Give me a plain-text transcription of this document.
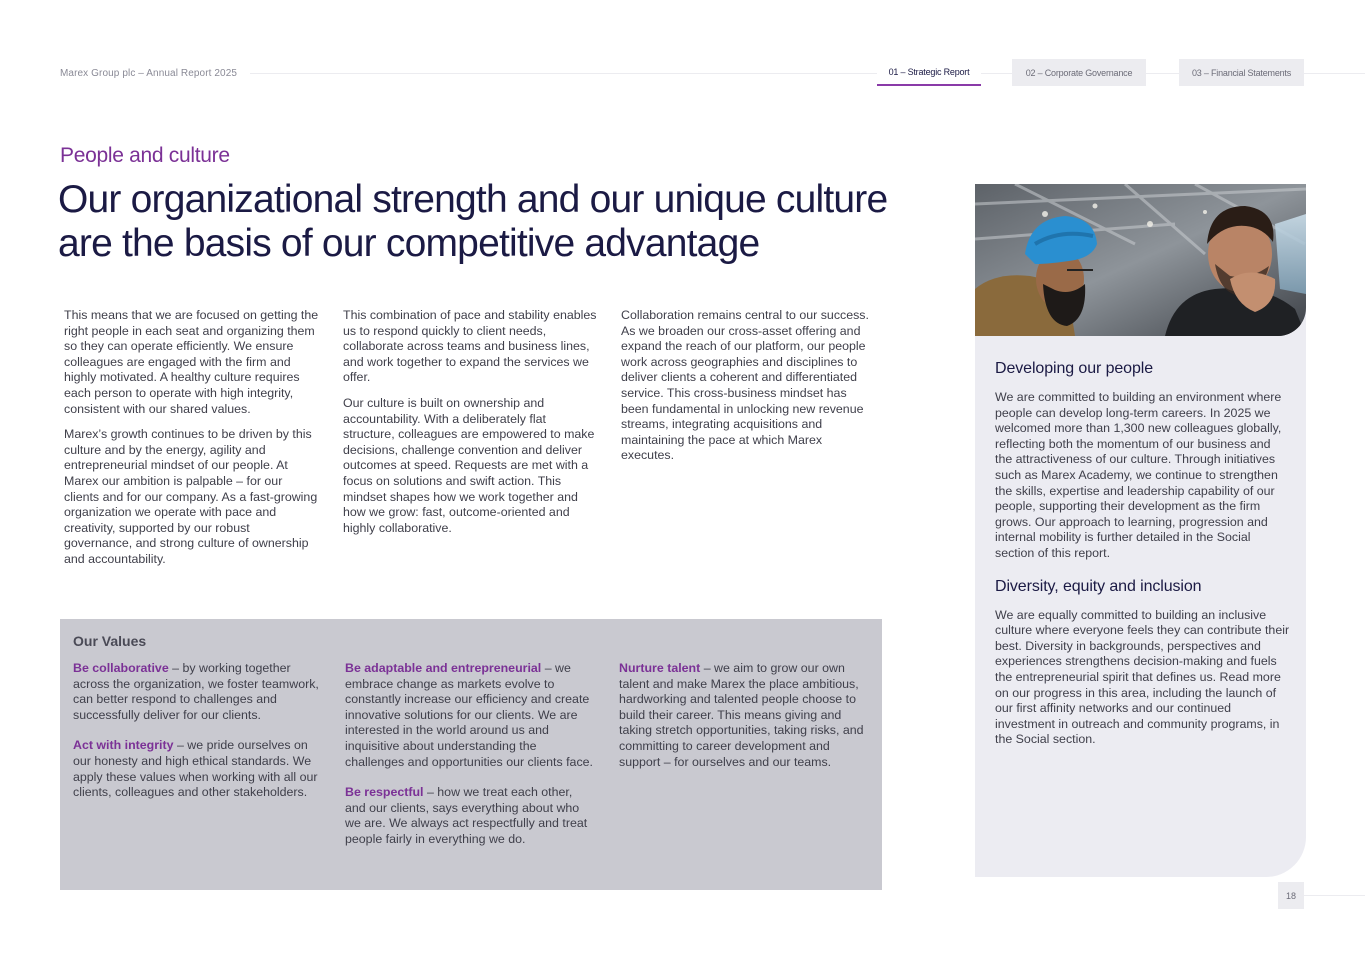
Marex Group plc – Annual Report 2025	01 – Strategic Report	02 – Corporate Governance	03 – Financial Statements
People and culture
Our organizational strength and our unique culture are the basis of our competitive advantage

This means that we are focused on getting the right people in each seat and organizing them so they can operate efficiently. We ensure colleagues are engaged with the firm and highly motivated. A healthy culture requires each person to operate with high integrity, consistent with our shared values.

Marex’s growth continues to be driven by this culture and by the energy, agility and entrepreneurial mindset of our people. At Marex our ambition is palpable – for our clients and for our company. As a fast-growing organization we operate with pace and creativity, supported by our robust governance, and strong culture of ownership and accountability.

This combination of pace and stability enables us to respond quickly to client needs, collaborate across teams and business lines, and work together to expand the services we offer.

Our culture is built on ownership and accountability. With a deliberately flat structure, colleagues are empowered to make decisions, challenge convention and deliver outcomes at speed. Requests are met with a focus on solutions and swift action. This mindset shapes how we work together and how we grow: fast, outcome-oriented and highly collaborative.

Collaboration remains central to our success. As we broaden our cross-asset offering and expand the reach of our platform, our people work across geographies and disciplines to deliver clients a coherent and differentiated service. This cross-business mindset has been fundamental in unlocking new revenue streams, integrating acquisitions and maintaining the pace at which Marex executes.

Our Values

Be collaborative – by working together across the organization, we foster teamwork, can better respond to challenges and successfully deliver for our clients.

Act with integrity – we pride ourselves on our honesty and high ethical standards. We apply these values when working with all our clients, colleagues and other stakeholders.

Be adaptable and entrepreneurial – we embrace change as markets evolve to constantly increase our efficiency and create innovative solutions for our clients. We are interested in the world around us and inquisitive about understanding the challenges and opportunities our clients face.

Be respectful – how we treat each other, and our clients, says everything about who we are. We always act respectfully and treat people fairly in everything we do.

Nurture talent – we aim to grow our own talent and make Marex the place ambitious, hardworking and talented people choose to build their career. This means giving and taking stretch opportunities, taking risks, and committing to career development and support – for ourselves and our teams.

Developing our people

We are committed to building an environment where people can develop long-term careers. In 2025 we welcomed more than 1,300 new colleagues globally, reflecting both the momentum of our business and the attractiveness of our culture. Through initiatives such as Marex Academy, we continue to strengthen the skills, expertise and leadership capability of our people, supporting their development as the firm grows. Our approach to learning, progression and internal mobility is further detailed in the Social section of this report.

Diversity, equity and inclusion

We are equally committed to building an inclusive culture where everyone feels they can contribute their best. Diversity in backgrounds, perspectives and experiences strengthens decision-making and fuels the entrepreneurial spirit that defines us. Read more on our progress in this area, including the launch of our first affinity networks and our continued investment in outreach and community programs, in the Social section.

18
